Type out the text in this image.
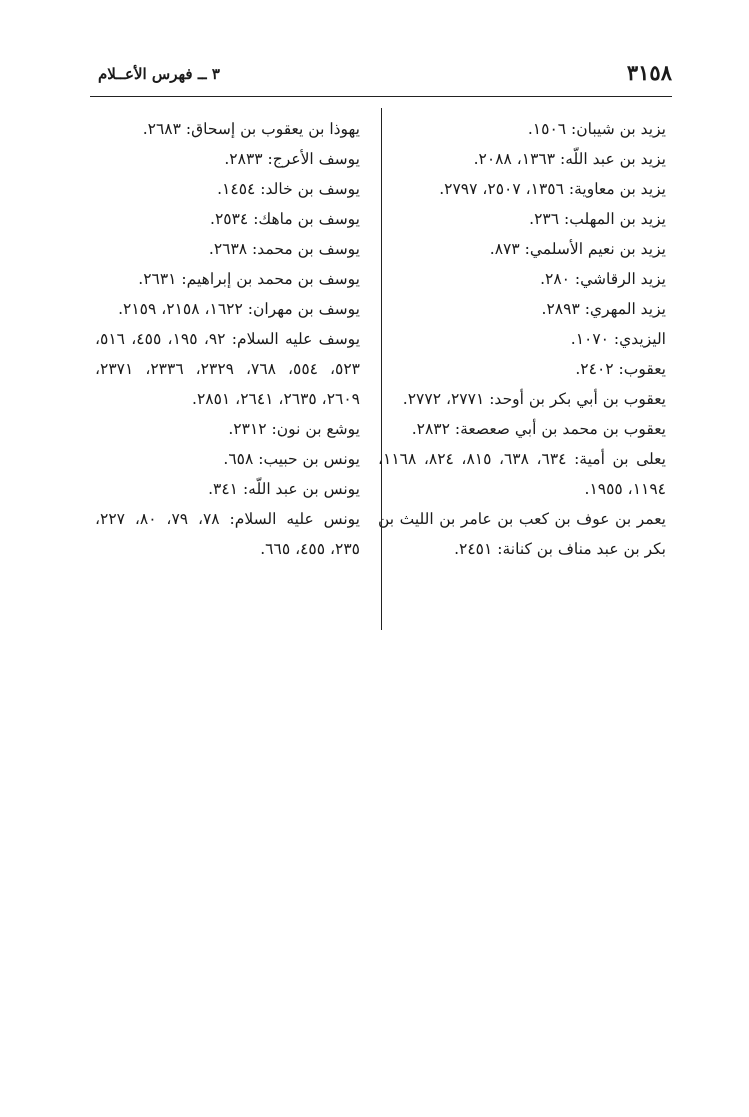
٣١٥٨
٣ ــ فهرس الأعــلام
يزيد بن شيبان: ١٥٠٦.
يزيد بن عبد اللّه: ١٣٦٣، ٢٠٨٨.
يزيد بن معاوية: ١٣٥٦، ٢٥٠٧، ٢٧٩٧.
يزيد بن المهلب: ٢٣٦.
يزيد بن نعيم الأسلمي: ٨٧٣.
يزيد الرقاشي: ٢٨٠.
يزيد المهري: ٢٨٩٣.
اليزيدي: ١٠٧٠.
يعقوب: ٢٤٠٢.
يعقوب بن أبي بكر بن أوحد: ٢٧٧١، ٢٧٧٢.
يعقوب بن محمد بن أبي صعصعة: ٢٨٣٢.
يعلى بن أمية: ٦٣٤، ٦٣٨، ٨١٥، ٨٢٤، ١١٦٨، ١١٩٤، ١٩٥٥.
يعمر بن عوف بن كعب بن عامر بن الليث بن بكر بن عبد مناف بن كنانة: ٢٤٥١.
يهوذا بن يعقوب بن إسحاق: ٢٦٨٣.
يوسف الأعرج: ٢٨٣٣.
يوسف بن خالد: ١٤٥٤.
يوسف بن ماهك: ٢٥٣٤.
يوسف بن محمد: ٢٦٣٨.
يوسف بن محمد بن إبراهيم: ٢٦٣١.
يوسف بن مهران: ١٦٢٢، ٢١٥٨، ٢١٥٩.
يوسف عليه السلام: ٩٢، ١٩٥، ٤٥٥، ٥١٦، ٥٢٣، ٥٥٤، ٧٦٨، ٢٣٢٩، ٢٣٣٦، ٢٣٧١، ٢٦٠٩، ٢٦٣٥، ٢٦٤١، ٢٨٥١.
يوشع بن نون: ٢٣١٢.
يونس بن حبيب: ٦٥٨.
يونس بن عبد اللّه: ٣٤١.
يونس عليه السلام: ٧٨، ٧٩، ٨٠، ٢٢٧، ٢٣٥، ٤٥٥، ٦٦٥.
